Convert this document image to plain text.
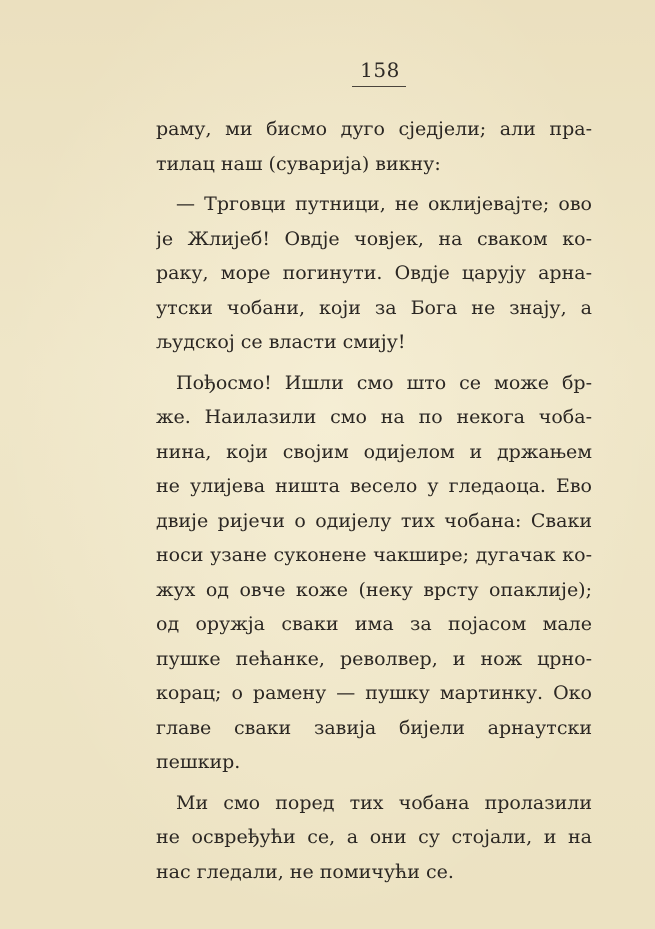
158
раму, ми бисмо дуго сједјели; али пра-
тилац наш (суварија) викну:
— Трговци путници, не оклијевајте; ово
је Жлијеб! Овдје човјек, на сваком ко-
раку, море погинути. Овдје царују арна-
утски чобани, који за Бога не знају, а
људској се власти смију!
Пођосмо! Ишли смо што се може бр-
же. Наилазили смо на по некога чоба-
нина, који својим одијелом и држањем
не улијева ништа весело у гледаоца. Ево
двије ријечи о одијелу тих чобана: Сваки
носи узане суконене чакшире; дугачак ко-
жух од овче коже (неку врсту опаклије);
од оружја сваки има за појасом мале
пушке пећанке, револвер, и нож црно-
корац; о рамену — пушку мартинку. Око
главе сваки завија бијели арнаутски
пешкир.
Ми смо поред тих чобана пролазили
не освређући се, а они су стојали, и на
нас гледали, не помичући се.
